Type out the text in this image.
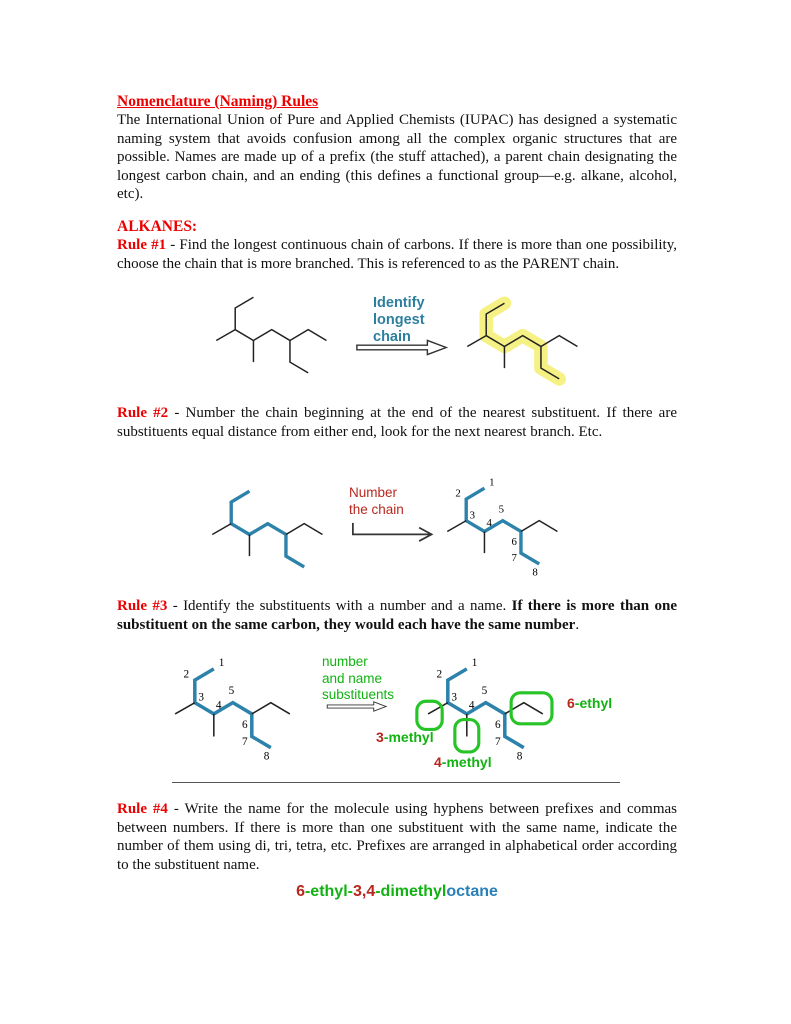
Nomenclature (Naming) Rules
The International Union of Pure and Applied Chemists (IUPAC) has designed a systematic naming system that avoids confusion among all the complex organic structures that are possible. Names are made up of a prefix (the stuff attached), a parent chain designating the longest carbon chain, and an ending (this defines a functional group—e.g. alkane, alcohol, etc).
ALKANES:
Rule #1 - Find the longest continuous chain of carbons. If there is more than one possibility, choose the chain that is more branched. This is referenced to as the PARENT chain.
Identify
longest
chain
Rule #2 - Number the chain beginning at the end of the nearest substituent. If there are substituents equal distance from either end, look for the next nearest branch. Etc.
Number
the chain
1
2
3
4
5
6
7
8
Rule #3 - Identify the substituents with a number and a name. If there is more than one substituent on the same carbon, they would each have the same number.
1
2
3
4
5
6
7
8
number
and name
substituents
1
2
3
4
5
6
7
8
3-methyl
4-methyl
6-ethyl
Rule #4 - Write the name for the molecule using hyphens between prefixes and commas between numbers. If there is more than one substituent with the same name, indicate the number of them using di, tri, tetra, etc. Prefixes are arranged in alphabetical order according to the substituent name.
6-ethyl-3,4-dimethyloctane
